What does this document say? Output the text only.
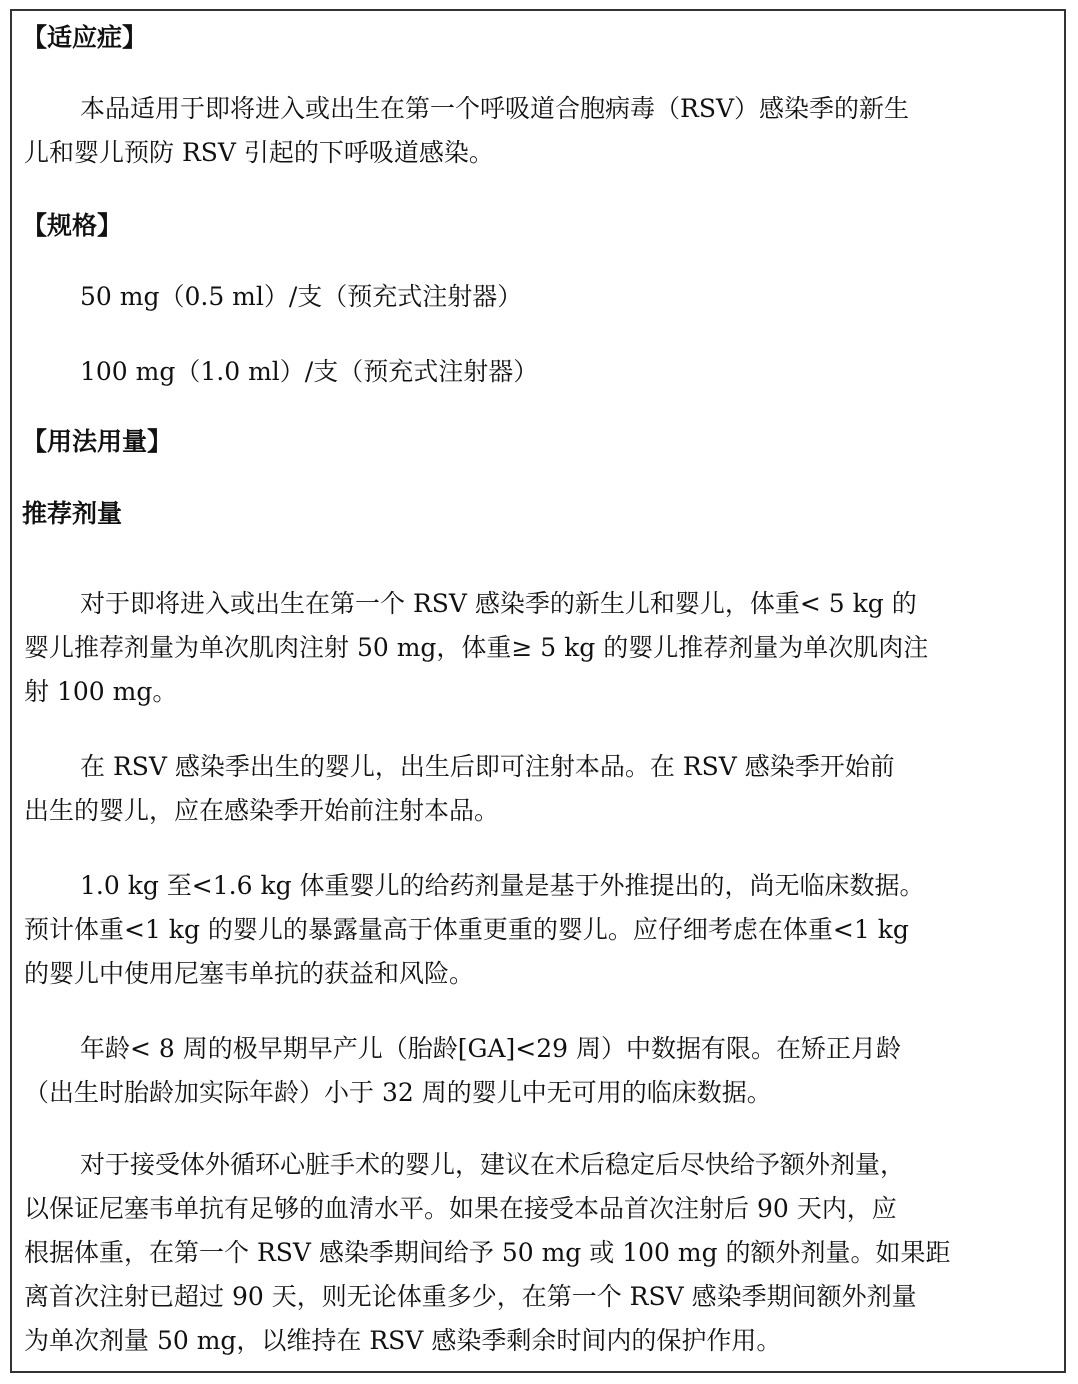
【适应症】
本品适用于即将进入或出生在第一个呼吸道合胞病毒（RSV）感染季的新生
儿和婴儿预防 RSV 引起的下呼吸道感染。
【规格】
50 mg（0.5 ml）/支（预充式注射器）
100 mg（1.0 ml）/支（预充式注射器）
【用法用量】
推荐剂量
对于即将进入或出生在第一个 RSV 感染季的新生儿和婴儿，体重< 5 kg 的
婴儿推荐剂量为单次肌肉注射 50 mg，体重≥ 5 kg 的婴儿推荐剂量为单次肌肉注
射 100 mg。
在 RSV 感染季出生的婴儿，出生后即可注射本品。在 RSV 感染季开始前
出生的婴儿，应在感染季开始前注射本品。
1.0 kg 至<1.6 kg 体重婴儿的给药剂量是基于外推提出的，尚无临床数据。
预计体重<1 kg 的婴儿的暴露量高于体重更重的婴儿。应仔细考虑在体重<1 kg
的婴儿中使用尼塞韦单抗的获益和风险。
年龄< 8 周的极早期早产儿（胎龄[GA]<29 周）中数据有限。在矫正月龄
（出生时胎龄加实际年龄）小于 32 周的婴儿中无可用的临床数据。
对于接受体外循环心脏手术的婴儿，建议在术后稳定后尽快给予额外剂量，
以保证尼塞韦单抗有足够的血清水平。如果在接受本品首次注射后 90 天内，应
根据体重，在第一个 RSV 感染季期间给予 50 mg 或 100 mg 的额外剂量。如果距
离首次注射已超过 90 天，则无论体重多少，在第一个 RSV 感染季期间额外剂量
为单次剂量 50 mg，以维持在 RSV 感染季剩余时间内的保护作用。
